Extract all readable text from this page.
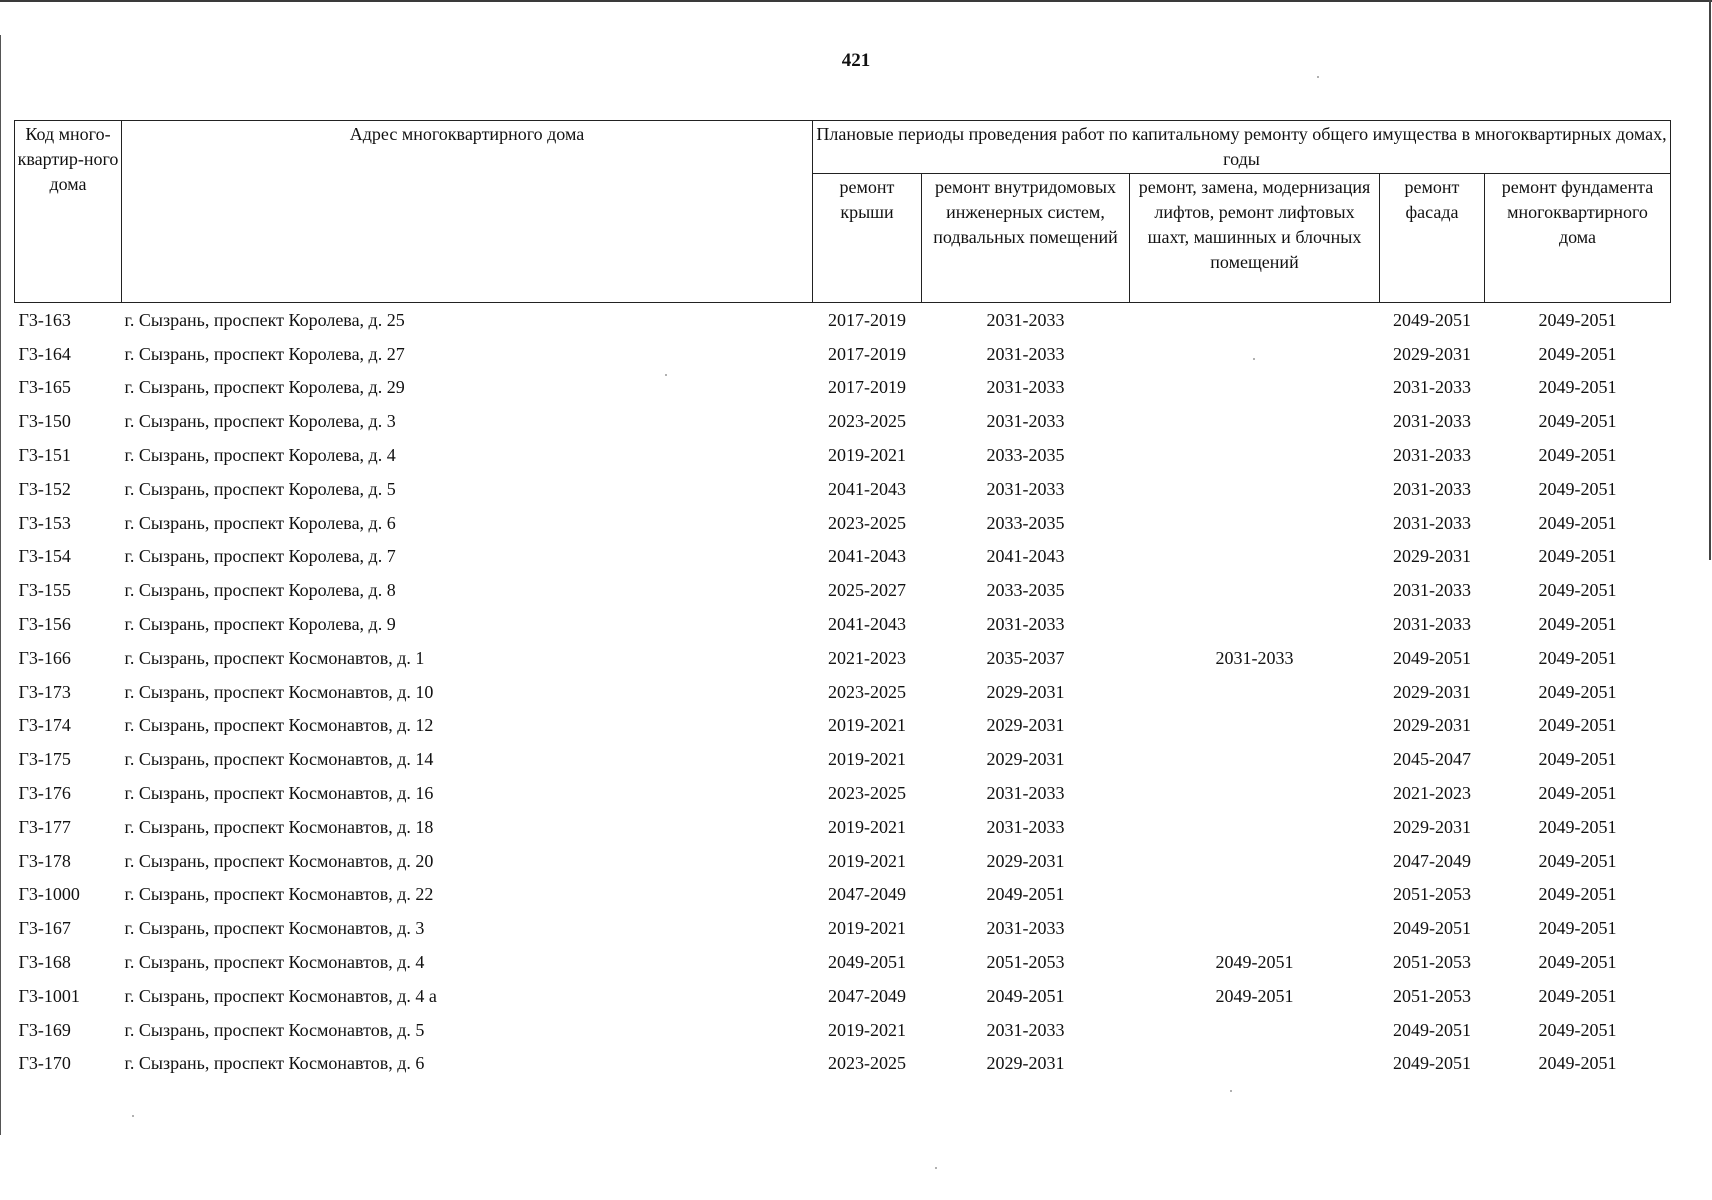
421
Код много-квартир-ного дома	Адрес многоквартирного дома	Плановые периоды проведения работ по капитальному ремонту общего имущества в многоквартирных домах, годы				
		ремонт крыши	ремонт внутридомовых инженерных систем, подвальных помещений	ремонт, замена, модернизация лифтов, ремонт лифтовых шахт, машинных и блочных помещений	ремонт фасада	ремонт фундамента многоквартирного дома
Г3-163	г. Сызрань, проспект Королева, д. 25	2017-2019	2031-2033		2049-2051	2049-2051
Г3-164	г. Сызрань, проспект Королева, д. 27	2017-2019	2031-2033		2029-2031	2049-2051
Г3-165	г. Сызрань, проспект Королева, д. 29	2017-2019	2031-2033		2031-2033	2049-2051
Г3-150	г. Сызрань, проспект Королева, д. 3	2023-2025	2031-2033		2031-2033	2049-2051
Г3-151	г. Сызрань, проспект Королева, д. 4	2019-2021	2033-2035		2031-2033	2049-2051
Г3-152	г. Сызрань, проспект Королева, д. 5	2041-2043	2031-2033		2031-2033	2049-2051
Г3-153	г. Сызрань, проспект Королева, д. 6	2023-2025	2033-2035		2031-2033	2049-2051
Г3-154	г. Сызрань, проспект Королева, д. 7	2041-2043	2041-2043		2029-2031	2049-2051
Г3-155	г. Сызрань, проспект Королева, д. 8	2025-2027	2033-2035		2031-2033	2049-2051
Г3-156	г. Сызрань, проспект Королева, д. 9	2041-2043	2031-2033		2031-2033	2049-2051
Г3-166	г. Сызрань, проспект Космонавтов, д. 1	2021-2023	2035-2037	2031-2033	2049-2051	2049-2051
Г3-173	г. Сызрань, проспект Космонавтов, д. 10	2023-2025	2029-2031		2029-2031	2049-2051
Г3-174	г. Сызрань, проспект Космонавтов, д. 12	2019-2021	2029-2031		2029-2031	2049-2051
Г3-175	г. Сызрань, проспект Космонавтов, д. 14	2019-2021	2029-2031		2045-2047	2049-2051
Г3-176	г. Сызрань, проспект Космонавтов, д. 16	2023-2025	2031-2033		2021-2023	2049-2051
Г3-177	г. Сызрань, проспект Космонавтов, д. 18	2019-2021	2031-2033		2029-2031	2049-2051
Г3-178	г. Сызрань, проспект Космонавтов, д. 20	2019-2021	2029-2031		2047-2049	2049-2051
Г3-1000	г. Сызрань, проспект Космонавтов, д. 22	2047-2049	2049-2051		2051-2053	2049-2051
Г3-167	г. Сызрань, проспект Космонавтов, д. 3	2019-2021	2031-2033		2049-2051	2049-2051
Г3-168	г. Сызрань, проспект Космонавтов, д. 4	2049-2051	2051-2053	2049-2051	2051-2053	2049-2051
Г3-1001	г. Сызрань, проспект Космонавтов, д. 4 а	2047-2049	2049-2051	2049-2051	2051-2053	2049-2051
Г3-169	г. Сызрань, проспект Космонавтов, д. 5	2019-2021	2031-2033		2049-2051	2049-2051
Г3-170	г. Сызрань, проспект Космонавтов, д. 6	2023-2025	2029-2031		2049-2051	2049-2051
